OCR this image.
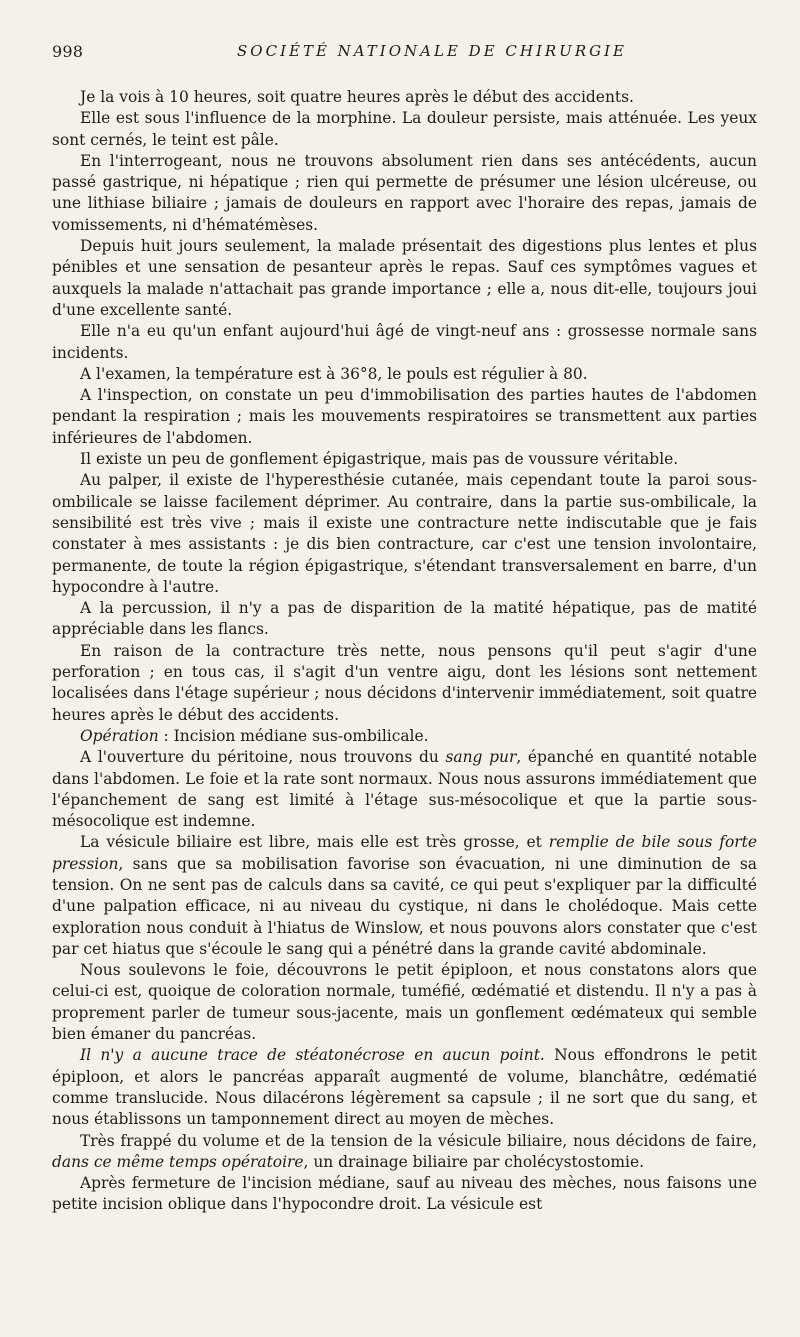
998	SOCIÉTÉ NATIONALE DE CHIRURGIE

Je la vois à 10 heures, soit quatre heures après le début des accidents.

Elle est sous l'influence de la morphine. La douleur persiste, mais atténuée. Les yeux sont cernés, le teint est pâle.

En l'interrogeant, nous ne trouvons absolument rien dans ses antécédents, aucun passé gastrique, ni hépatique ; rien qui permette de présumer une lésion ulcéreuse, ou une lithiase biliaire ; jamais de douleurs en rapport avec l'horaire des repas, jamais de vomissements, ni d'hématémèses.

Depuis huit jours seulement, la malade présentait des digestions plus lentes et plus pénibles et une sensation de pesanteur après le repas. Sauf ces symptômes vagues et auxquels la malade n'attachait pas grande importance ; elle a, nous dit-elle, toujours joui d'une excellente santé.

Elle n'a eu qu'un enfant aujourd'hui âgé de vingt-neuf ans : grossesse normale sans incidents.

A l'examen, la température est à 36°8, le pouls est régulier à 80.

A l'inspection, on constate un peu d'immobilisation des parties hautes de l'abdomen pendant la respiration ; mais les mouvements respiratoires se transmettent aux parties inférieures de l'abdomen.

Il existe un peu de gonflement épigastrique, mais pas de voussure véritable.

Au palper, il existe de l'hyperesthésie cutanée, mais cependant toute la paroi sous-ombilicale se laisse facilement déprimer. Au contraire, dans la partie sus-ombilicale, la sensibilité est très vive ; mais il existe une contracture nette indiscutable que je fais constater à mes assistants : je dis bien contracture, car c'est une tension involontaire, permanente, de toute la région épigastrique, s'étendant transversalement en barre, d'un hypocondre à l'autre.

A la percussion, il n'y a pas de disparition de la matité hépatique, pas de matité appréciable dans les flancs.

En raison de la contracture très nette, nous pensons qu'il peut s'agir d'une perforation ; en tous cas, il s'agit d'un ventre aigu, dont les lésions sont nettement localisées dans l'étage supérieur ; nous décidons d'intervenir immédiatement, soit quatre heures après le début des accidents.

Opération : Incision médiane sus-ombilicale.

A l'ouverture du péritoine, nous trouvons du sang pur, épanché en quantité notable dans l'abdomen. Le foie et la rate sont normaux. Nous nous assurons immédiatement que l'épanchement de sang est limité à l'étage sus-mésocolique et que la partie sous-mésocolique est indemne.

La vésicule biliaire est libre, mais elle est très grosse, et remplie de bile sous forte pression, sans que sa mobilisation favorise son évacuation, ni une diminution de sa tension. On ne sent pas de calculs dans sa cavité, ce qui peut s'expliquer par la difficulté d'une palpation efficace, ni au niveau du cystique, ni dans le cholédoque. Mais cette exploration nous conduit à l'hiatus de Winslow, et nous pouvons alors constater que c'est par cet hiatus que s'écoule le sang qui a pénétré dans la grande cavité abdominale.

Nous soulevons le foie, découvrons le petit épiploon, et nous constatons alors que celui-ci est, quoique de coloration normale, tuméfié, œdématié et distendu. Il n'y a pas à proprement parler de tumeur sous-jacente, mais un gonflement œdémateux qui semble bien émaner du pancréas.

Il n'y a aucune trace de stéatonécrose en aucun point. Nous effondrons le petit épiploon, et alors le pancréas apparaît augmenté de volume, blanchâtre, œdématié comme translucide. Nous dilacérons légèrement sa capsule ; il ne sort que du sang, et nous établissons un tamponnement direct au moyen de mèches.

Très frappé du volume et de la tension de la vésicule biliaire, nous décidons de faire, dans ce même temps opératoire, un drainage biliaire par cholécystostomie.

Après fermeture de l'incision médiane, sauf au niveau des mèches, nous faisons une petite incision oblique dans l'hypocondre droit. La vésicule est
